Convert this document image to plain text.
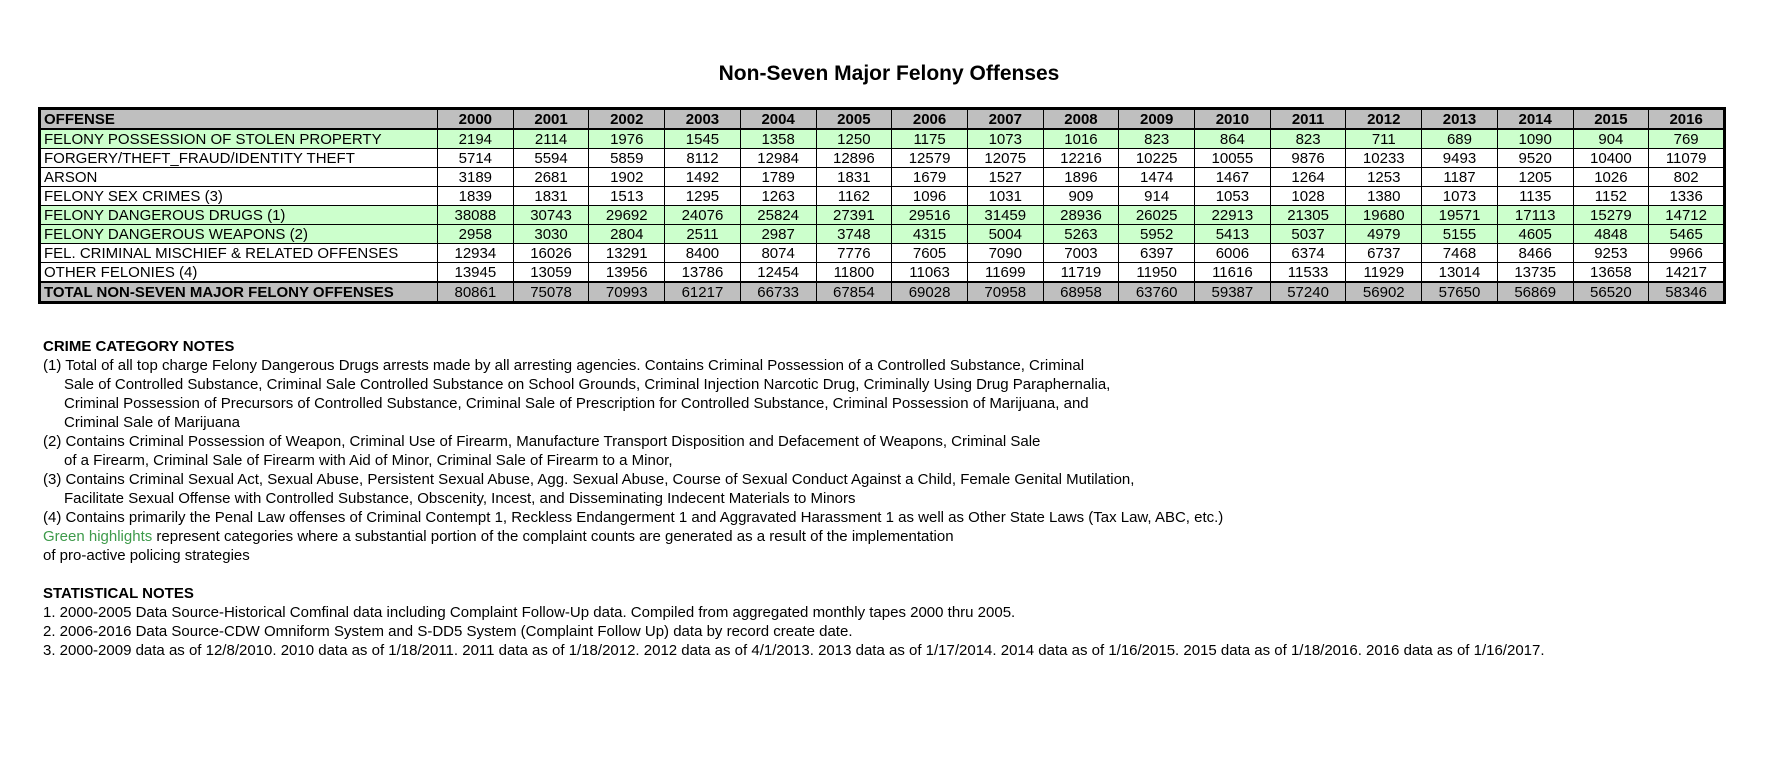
Non-Seven Major Felony Offenses
OFFENSE	2000	2001	2002	2003	2004	2005	2006	2007	2008	2009	2010	2011	2012	2013	2014	2015	2016
FELONY POSSESSION OF STOLEN PROPERTY	2194	2114	1976	1545	1358	1250	1175	1073	1016	823	864	823	711	689	1090	904	769
FORGERY/THEFT_FRAUD/IDENTITY THEFT	5714	5594	5859	8112	12984	12896	12579	12075	12216	10225	10055	9876	10233	9493	9520	10400	11079
ARSON	3189	2681	1902	1492	1789	1831	1679	1527	1896	1474	1467	1264	1253	1187	1205	1026	802
FELONY SEX CRIMES (3)	1839	1831	1513	1295	1263	1162	1096	1031	909	914	1053	1028	1380	1073	1135	1152	1336
FELONY DANGEROUS DRUGS (1)	38088	30743	29692	24076	25824	27391	29516	31459	28936	26025	22913	21305	19680	19571	17113	15279	14712
FELONY DANGEROUS WEAPONS (2)	2958	3030	2804	2511	2987	3748	4315	5004	5263	5952	5413	5037	4979	5155	4605	4848	5465
FEL. CRIMINAL MISCHIEF & RELATED OFFENSES	12934	16026	13291	8400	8074	7776	7605	7090	7003	6397	6006	6374	6737	7468	8466	9253	9966
OTHER FELONIES (4)	13945	13059	13956	13786	12454	11800	11063	11699	11719	11950	11616	11533	11929	13014	13735	13658	14217
TOTAL NON-SEVEN MAJOR FELONY OFFENSES	80861	75078	70993	61217	66733	67854	69028	70958	68958	63760	59387	57240	56902	57650	56869	56520	58346
CRIME CATEGORY NOTES
(1) Total of all top charge Felony Dangerous Drugs arrests made by all arresting agencies. Contains Criminal Possession of a Controlled Substance, Criminal
Sale of Controlled Substance, Criminal Sale Controlled Substance on School Grounds, Criminal Injection Narcotic Drug, Criminally Using Drug Paraphernalia,
Criminal Possession of Precursors of Controlled Substance, Criminal Sale of Prescription for Controlled Substance, Criminal Possession of Marijuana, and
Criminal Sale of Marijuana
(2) Contains Criminal Possession of Weapon, Criminal Use of Firearm, Manufacture Transport Disposition and Defacement of Weapons, Criminal Sale
of a Firearm, Criminal Sale of Firearm with Aid of Minor, Criminal Sale of Firearm to a Minor,
(3) Contains Criminal Sexual Act, Sexual Abuse, Persistent Sexual Abuse, Agg. Sexual Abuse, Course of Sexual Conduct Against a Child, Female Genital Mutilation,
Facilitate Sexual Offense with Controlled Substance, Obscenity, Incest, and Disseminating Indecent Materials to Minors
(4) Contains primarily the Penal Law offenses of Criminal Contempt 1, Reckless Endangerment 1 and Aggravated Harassment 1 as well as Other State Laws (Tax Law, ABC, etc.)
Green highlights represent categories where a substantial portion of the complaint counts are generated as a result of the implementation
of pro-active policing strategies
STATISTICAL NOTES
1. 2000-2005 Data Source-Historical Comfinal data including Complaint Follow-Up data. Compiled from aggregated monthly tapes 2000 thru 2005.
2. 2006-2016 Data Source-CDW Omniform System and S-DD5 System (Complaint Follow Up) data by record create date.
3. 2000-2009 data as of 12/8/2010. 2010 data as of 1/18/2011. 2011 data as of 1/18/2012. 2012 data as of 4/1/2013. 2013 data as of 1/17/2014. 2014 data as of 1/16/2015. 2015 data as of 1/18/2016. 2016 data as of 1/16/2017.
